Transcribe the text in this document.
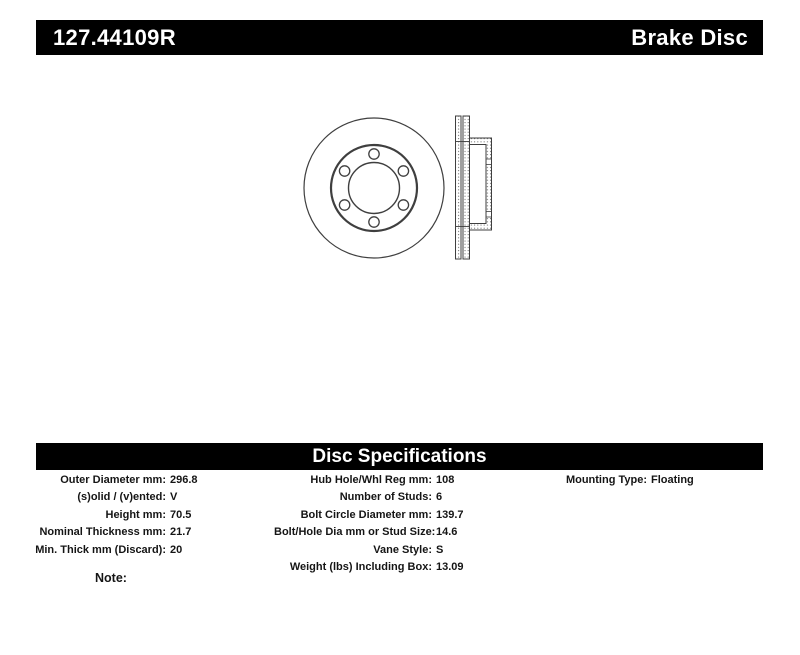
127.44109R	Brake Disc
Disc Specifications
Outer Diameter mm: 296.8
(s)olid / (v)ented: V
Height mm: 70.5
Nominal Thickness mm: 21.7
Min. Thick mm (Discard): 20
Hub Hole/Whl Reg mm: 108
Number of Studs: 6
Bolt Circle Diameter mm: 139.7
Bolt/Hole Dia mm or Stud Size: 14.6
Vane Style: S
Weight (lbs) Including Box: 13.09
Mounting Type: Floating
Note:
